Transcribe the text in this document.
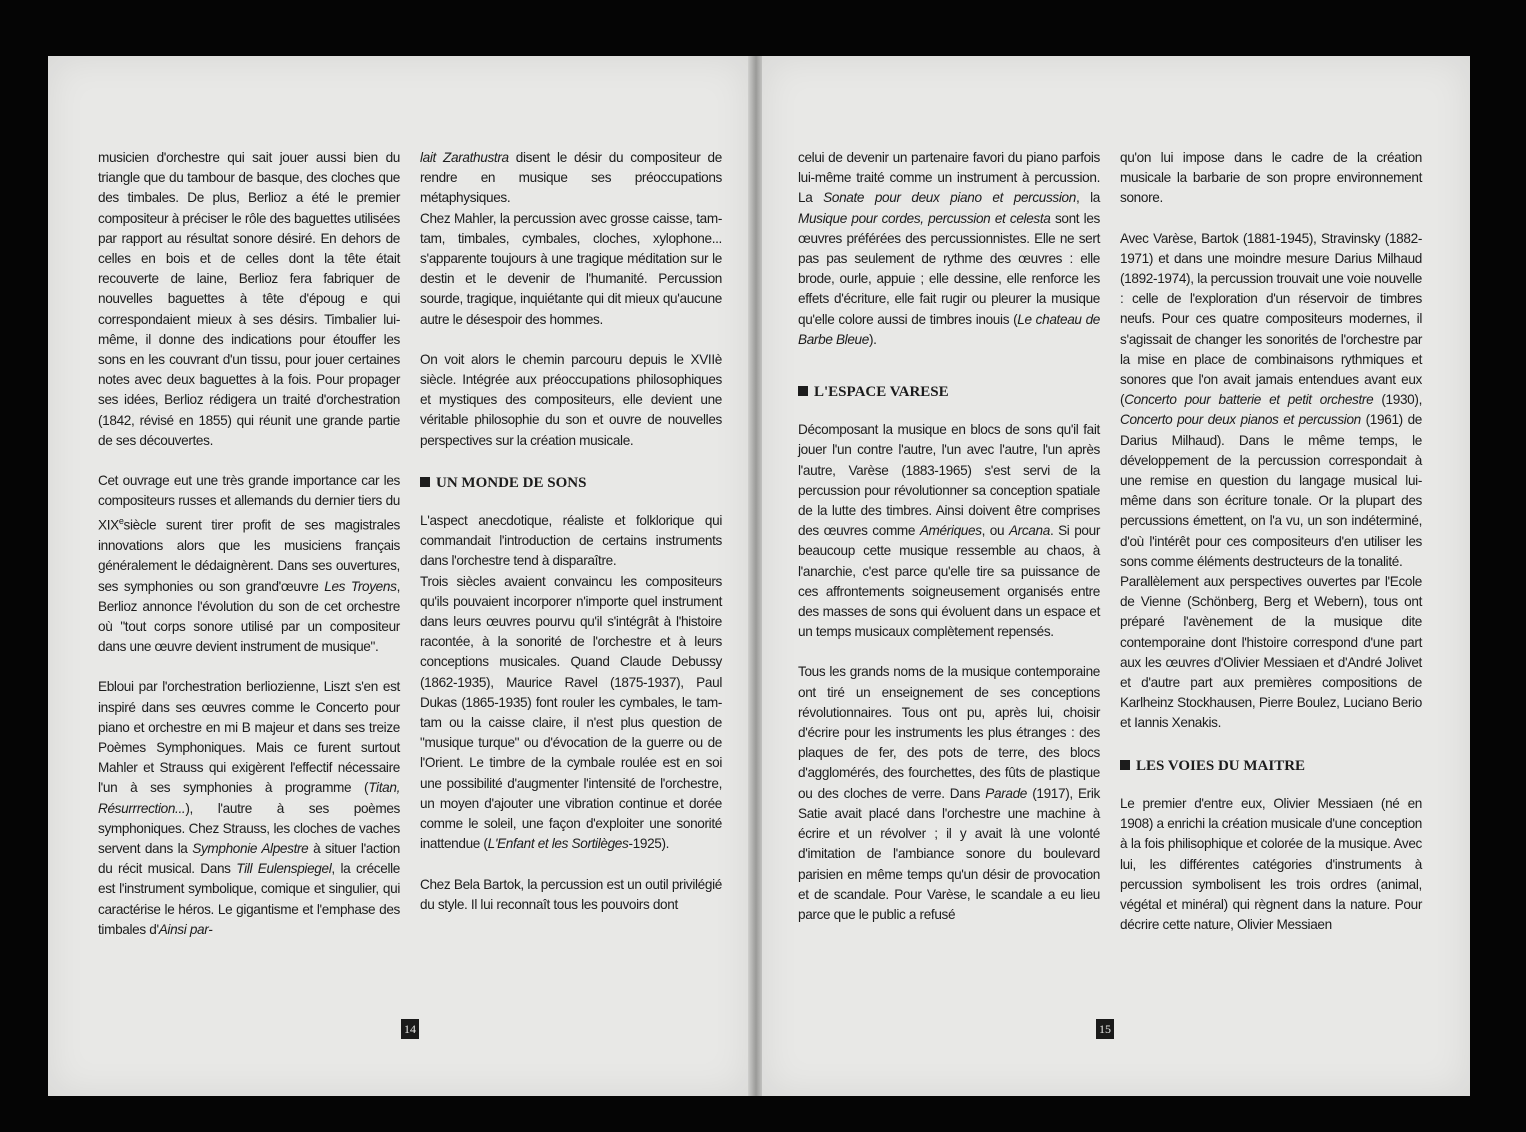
musicien d'orchestre qui sait jouer aussi bien du triangle que du tambour de basque, des cloches que des timbales. De plus, Berlioz a été le premier compositeur à préciser le rôle des baguettes utilisées par rapport au résultat sonore désiré. En dehors de celles en bois et de celles dont la tête était recouverte de laine, Berlioz fera fabriquer de nouvelles baguettes à tête d'époug e qui correspondaient mieux à ses désirs. Timbalier lui-même, il donne des indications pour étouffer les sons en les couvrant d'un tissu, pour jouer certaines notes avec deux baguettes à la fois. Pour propager ses idées, Berlioz rédigera un traité d'orchestration (1842, révisé en 1855) qui réunit une grande partie de ses découvertes.

Cet ouvrage eut une très grande importance car les compositeurs russes et allemands du dernier tiers du XIXesiècle surent tirer profit de ses magistrales innovations alors que les musiciens français généralement le dédaignèrent. Dans ses ouvertures, ses symphonies ou son grand'œuvre Les Troyens, Berlioz annonce l'évolution du son de cet orchestre où "tout corps sonore utilisé par un compositeur dans une œuvre devient instrument de musique".

Ebloui par l'orchestration berliozienne, Liszt s'en est inspiré dans ses œuvres comme le Concerto pour piano et orchestre en mi B majeur et dans ses treize Poèmes Symphoniques. Mais ce furent surtout Mahler et Strauss qui exigèrent l'effectif nécessaire l'un à ses symphonies à programme (Titan, Résurrrection...), l'autre à ses poèmes symphoniques. Chez Strauss, les cloches de vaches servent dans la Symphonie Alpestre à situer l'action du récit musical. Dans Till Eulenspiegel, la crécelle est l'instrument symbolique, comique et singulier, qui caractérise le héros. Le gigantisme et l'emphase des timbales d'Ainsi par-

lait Zarathustra disent le désir du compositeur de rendre en musique ses préoccupations métaphysiques.

Chez Mahler, la percussion avec grosse caisse, tam-tam, timbales, cymbales, cloches, xylophone... s'apparente toujours à une tragique méditation sur le destin et le devenir de l'humanité. Percussion sourde, tragique, inquiétante qui dit mieux qu'aucune autre le désespoir des hommes.

On voit alors le chemin parcouru depuis le XVIIè siècle. Intégrée aux préoccupations philosophiques et mystiques des compositeurs, elle devient une véritable philosophie du son et ouvre de nouvelles perspectives sur la création musicale.

UN MONDE DE SONS

L'aspect anecdotique, réaliste et folklorique qui commandait l'introduction de certains instruments dans l'orchestre tend à disparaître.

Trois siècles avaient convaincu les compositeurs qu'ils pouvaient incorporer n'importe quel instrument dans leurs œuvres pourvu qu'il s'intégrât à l'histoire racontée, à la sonorité de l'orchestre et à leurs conceptions musicales. Quand Claude Debussy (1862-1935), Maurice Ravel (1875-1937), Paul Dukas (1865-1935) font rouler les cymbales, le tam-tam ou la caisse claire, il n'est plus question de "musique turque" ou d'évocation de la guerre ou de l'Orient. Le timbre de la cymbale roulée est en soi une possibilité d'augmenter l'intensité de l'orchestre, un moyen d'ajouter une vibration continue et dorée comme le soleil, une façon d'exploiter une sonorité inattendue (L'Enfant et les Sortilèges-1925).

Chez Bela Bartok, la percussion est un outil privilégié du style. Il lui reconnaît tous les pouvoirs dont

14

celui de devenir un partenaire favori du piano parfois lui-même traité comme un instrument à percussion. La Sonate pour deux piano et percussion, la Musique pour cordes, percussion et celesta sont les œuvres préférées des percussionnistes. Elle ne sert pas pas seulement de rythme des œuvres : elle brode, ourle, appuie ; elle dessine, elle renforce les effets d'écriture, elle fait rugir ou pleurer la musique qu'elle colore aussi de timbres inouis (Le chateau de Barbe Bleue).

L'ESPACE VARESE

Décomposant la musique en blocs de sons qu'il fait jouer l'un contre l'autre, l'un avec l'autre, l'un après l'autre, Varèse (1883-1965) s'est servi de la percussion pour révolutionner sa conception spatiale de la lutte des timbres. Ainsi doivent être comprises des œuvres comme Amériques, ou Arcana. Si pour beaucoup cette musique ressemble au chaos, à l'anarchie, c'est parce qu'elle tire sa puissance de ces affrontements soigneusement organisés entre des masses de sons qui évoluent dans un espace et un temps musicaux complètement repensés.

Tous les grands noms de la musique contemporaine ont tiré un enseignement de ses conceptions révolutionnaires. Tous ont pu, après lui, choisir d'écrire pour les instruments les plus étranges : des plaques de fer, des pots de terre, des blocs d'agglomérés, des fourchettes, des fûts de plastique ou des cloches de verre. Dans Parade (1917), Erik Satie avait placé dans l'orchestre une machine à écrire et un révolver ; il y avait là une volonté d'imitation de l'ambiance sonore du boulevard parisien en même temps qu'un désir de provocation et de scandale. Pour Varèse, le scandale a eu lieu parce que le public a refusé

qu'on lui impose dans le cadre de la création musicale la barbarie de son propre environnement sonore.

Avec Varèse, Bartok (1881-1945), Stravinsky (1882-1971) et dans une moindre mesure Darius Milhaud (1892-1974), la percussion trouvait une voie nouvelle : celle de l'exploration d'un réservoir de timbres neufs. Pour ces quatre compositeurs modernes, il s'agissait de changer les sonorités de l'orchestre par la mise en place de combinaisons rythmiques et sonores que l'on avait jamais entendues avant eux (Concerto pour batterie et petit orchestre (1930), Concerto pour deux pianos et percussion (1961) de Darius Milhaud). Dans le même temps, le développement de la percussion correspondait à une remise en question du langage musical lui-même dans son écriture tonale. Or la plupart des percussions émettent, on l'a vu, un son indéterminé, d'où l'intérêt pour ces compositeurs d'en utiliser les sons comme éléments destructeurs de la tonalité.

Parallèlement aux perspectives ouvertes par l'Ecole de Vienne (Schönberg, Berg et Webern), tous ont préparé l'avènement de la musique dite contemporaine dont l'histoire correspond d'une part aux les œuvres d'Olivier Messiaen et d'André Jolivet et d'autre part aux premières compositions de Karlheinz Stockhausen, Pierre Boulez, Luciano Berio et Iannis Xenakis.

LES VOIES DU MAITRE

Le premier d'entre eux, Olivier Messiaen (né en 1908) a enrichi la création musicale d'une conception à la fois philisophique et colorée de la musique. Avec lui, les différentes catégories d'instruments à percussion symbolisent les trois ordres (animal, végétal et minéral) qui règnent dans la nature. Pour décrire cette nature, Olivier Messiaen

15
